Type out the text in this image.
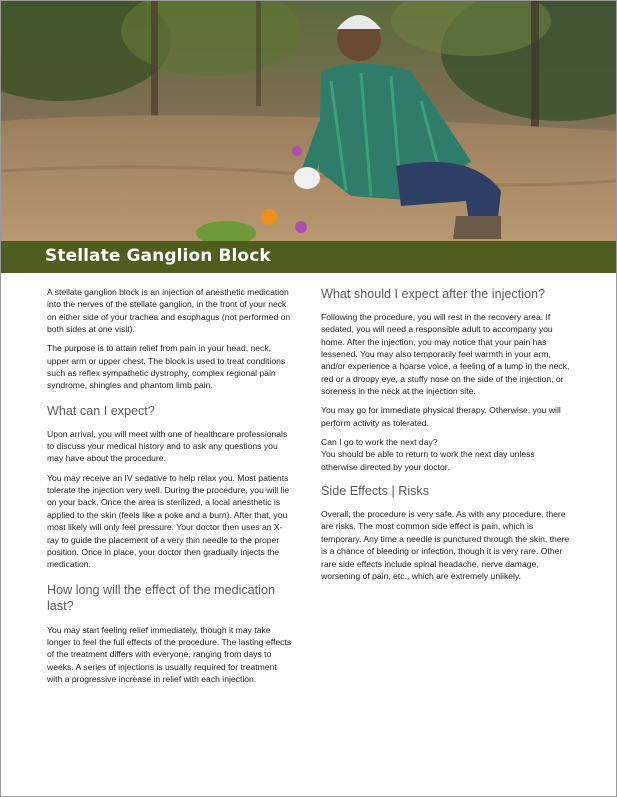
Stellate Ganglion Block

A stellate ganglion block is an injection of anesthetic medication into the nerves of the stellate ganglion, in the front of your neck on either side of your trachea and esophagus (not performed on both sides at one visit).

The purpose is to attain relief from pain in your head, neck, upper arm or upper chest. The block is used to treat conditions such as reflex sympathetic dystrophy, complex regional pain syndrome, shingles and phantom limb pain.

What can I expect?

Upon arrival, you will meet with one of healthcare professionals to discuss your medical history and to ask any questions you may have about the procedure.

You may receive an IV sedative to help relax you. Most patients tolerate the injection very well. During the procedure, you will lie on your back. Once the area is sterilized, a local anesthetic is applied to the skin (feels like a poke and a burn). After that, you most likely will only feel pressure. Your doctor then uses an X-ray to guide the placement of a very thin needle to the proper position. Once in place, your doctor then gradually injects the medication.

How long will the effect of the medication last?

You may start feeling relief immediately, though it may take longer to feel the full effects of the procedure. The lasting effects of the treatment differs with everyone, ranging from days to weeks. A series of injections is usually required for treatment with a progressive increase in relief with each injection.

What should I expect after the injection?

Following the procedure, you will rest in the recovery area. If sedated, you will need a responsible adult to accompany you home. After the injection, you may notice that your pain has lessened. You may also temporarily feel warmth in your arm, and/or experience a hoarse voice, a feeling of a lump in the neck, red or a droopy eye, a stuffy nose on the side of the injection, or soreness in the neck at the injection site.

You may go for immediate physical therapy. Otherwise, you will perform activity as tolerated.

Can I go to work the next day?
You should be able to return to work the next day unless otherwise directed by your doctor.

Side Effects | Risks

Overall, the procedure is very safe. As with any procedure, there are risks. The most common side effect is pain, which is temporary. Any time a needle is punctured through the skin, there is a chance of bleeding or infection, though it is very rare. Other rare side effects include spinal headache, nerve damage, worsening of pain, etc., which are extremely unlikely.
